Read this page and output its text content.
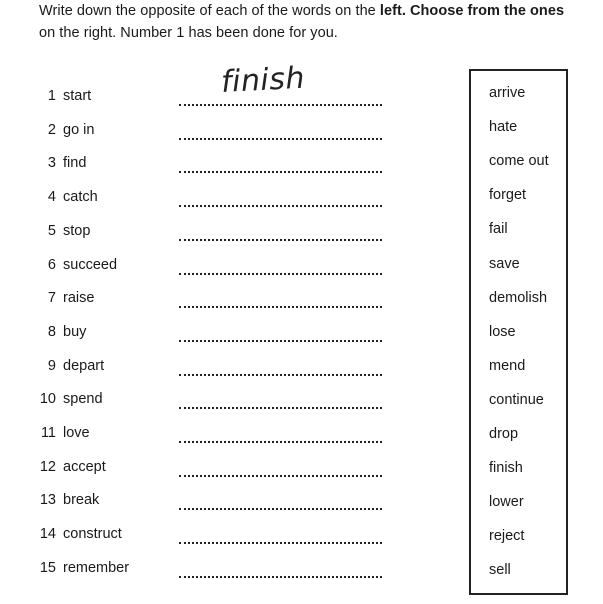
Write down the opposite of each of the words on the left. Choose from the ones
on the right. Number 1 has been done for you.

finish
1 start
2 go in
3 find
4 catch
5 stop
6 succeed
7 raise
8 buy
9 depart
10 spend
11 love
12 accept
13 break
14 construct
15 remember
arrive
hate
come out
forget
fail
save
demolish
lose
mend
continue
drop
finish
lower
reject
sell
